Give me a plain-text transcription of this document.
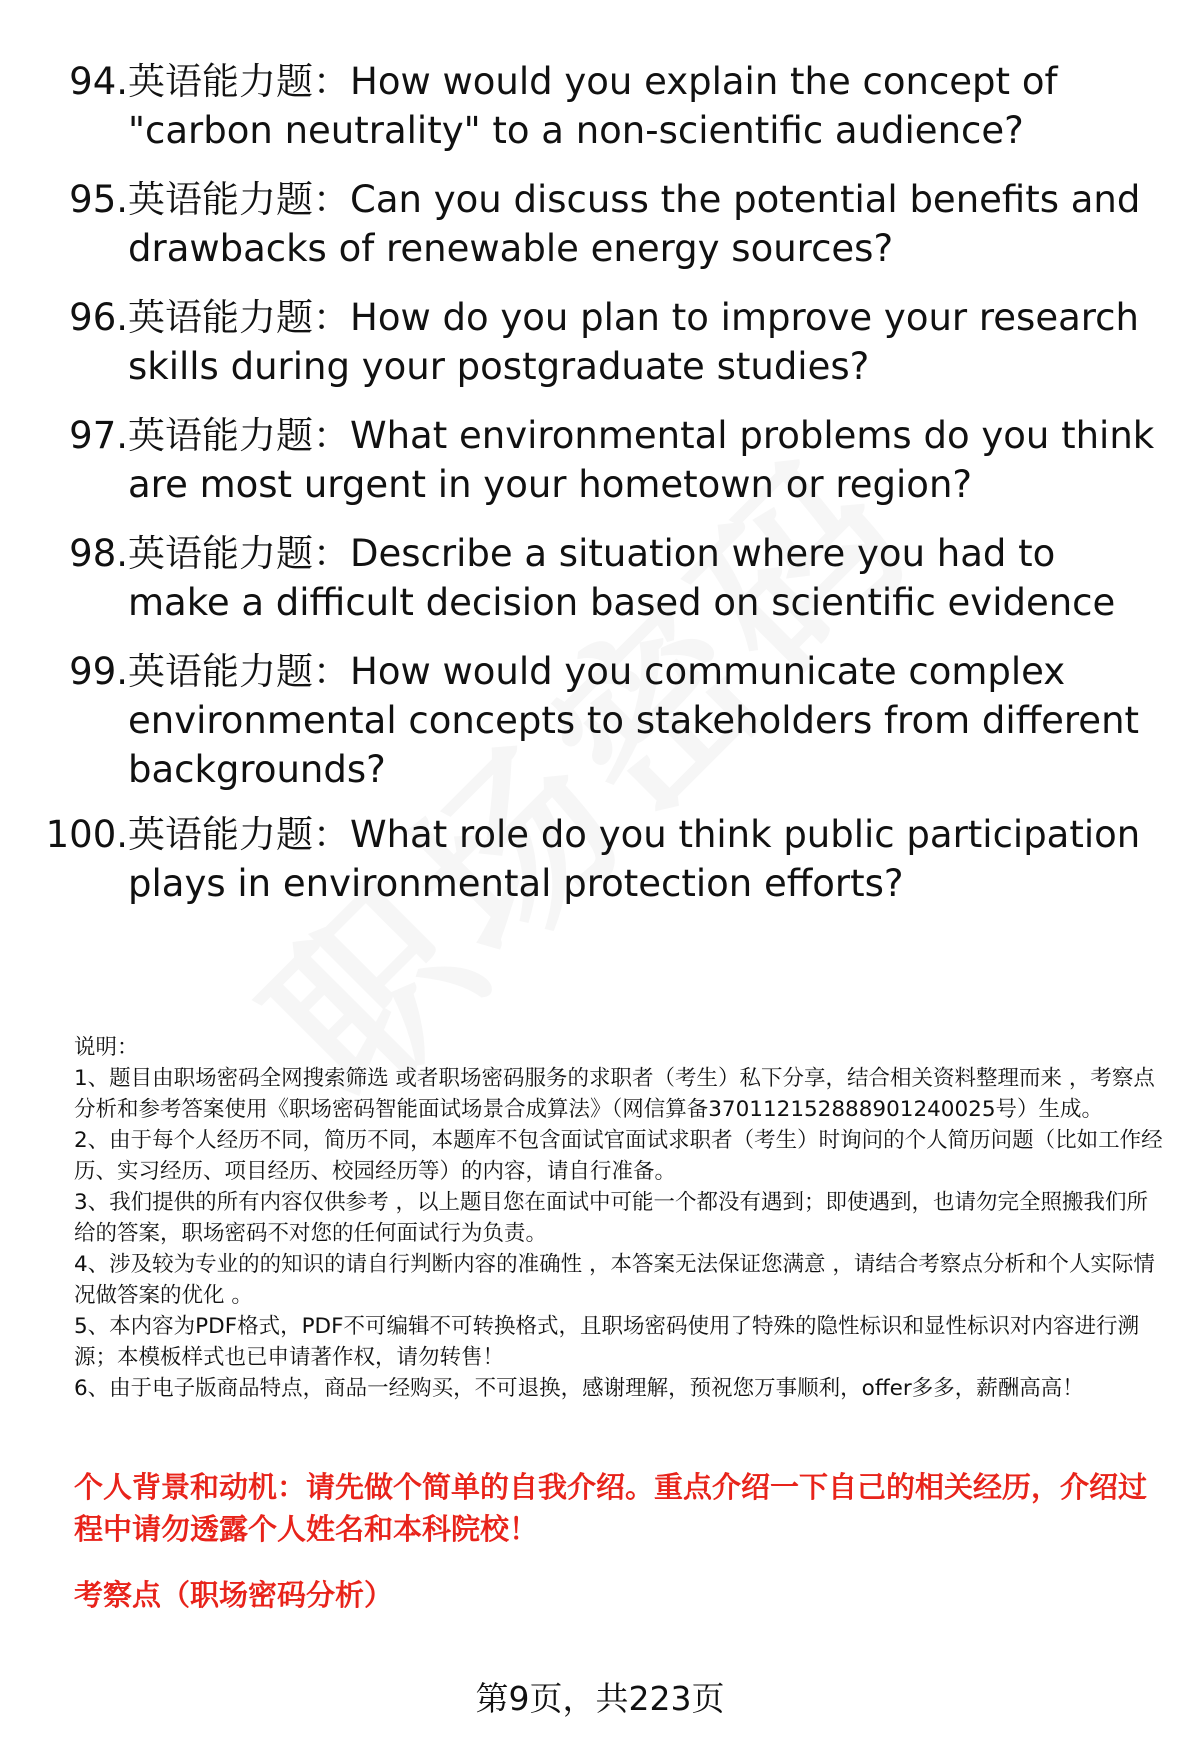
94. 英语能力题：How would you explain the concept of "carbon neutrality" to a non-scientific audience?
95. 英语能力题：Can you discuss the potential benefits and drawbacks of renewable energy sources?
96. 英语能力题：How do you plan to improve your research skills during your postgraduate studies?
97. 英语能力题：What environmental problems do you think are most urgent in your hometown or region?
98. 英语能力题：Describe a situation where you had to make a difficult decision based on scientific evidence
99. 英语能力题：How would you communicate complex environmental concepts to stakeholders from different backgrounds?
100. 英语能力题：What role do you think public participation plays in environmental protection efforts?
说明：
1、题目由职场密码全网搜索筛选 或者职场密码服务的求职者（考生）私下分享，结合相关资料整理而来 ，考察点分析和参考答案使用《职场密码智能面试场景合成算法》（网信算备370112152888901240025号）生成。
2、由于每个人经历不同，简历不同，本题库不包含面试官面试求职者（考生）时询问的个人简历问题（比如工作经历、实习经历、项目经历、校园经历等）的内容，请自行准备。
3、我们提供的所有内容仅供参考 ，以上题目您在面试中可能一个都没有遇到；即使遇到，也请勿完全照搬我们所给的答案，职场密码不对您的任何面试行为负责。
4、涉及较为专业的的知识的请自行判断内容的准确性 ，本答案无法保证您满意 ，请结合考察点分析和个人实际情况做答案的优化 。
5、本内容为PDF格式，PDF不可编辑不可转换格式，且职场密码使用了特殊的隐性标识和显性标识对内容进行溯源；本模板样式也已申请著作权，请勿转售！
6、由于电子版商品特点，商品一经购买，不可退换，感谢理解，预祝您万事顺利，offer多多，薪酬高高！
个人背景和动机：请先做个简单的自我介绍。重点介绍一下自己的相关经历，介绍过程中请勿透露个人姓名和本科院校！
考察点（职场密码分析）
第9页，共223页
